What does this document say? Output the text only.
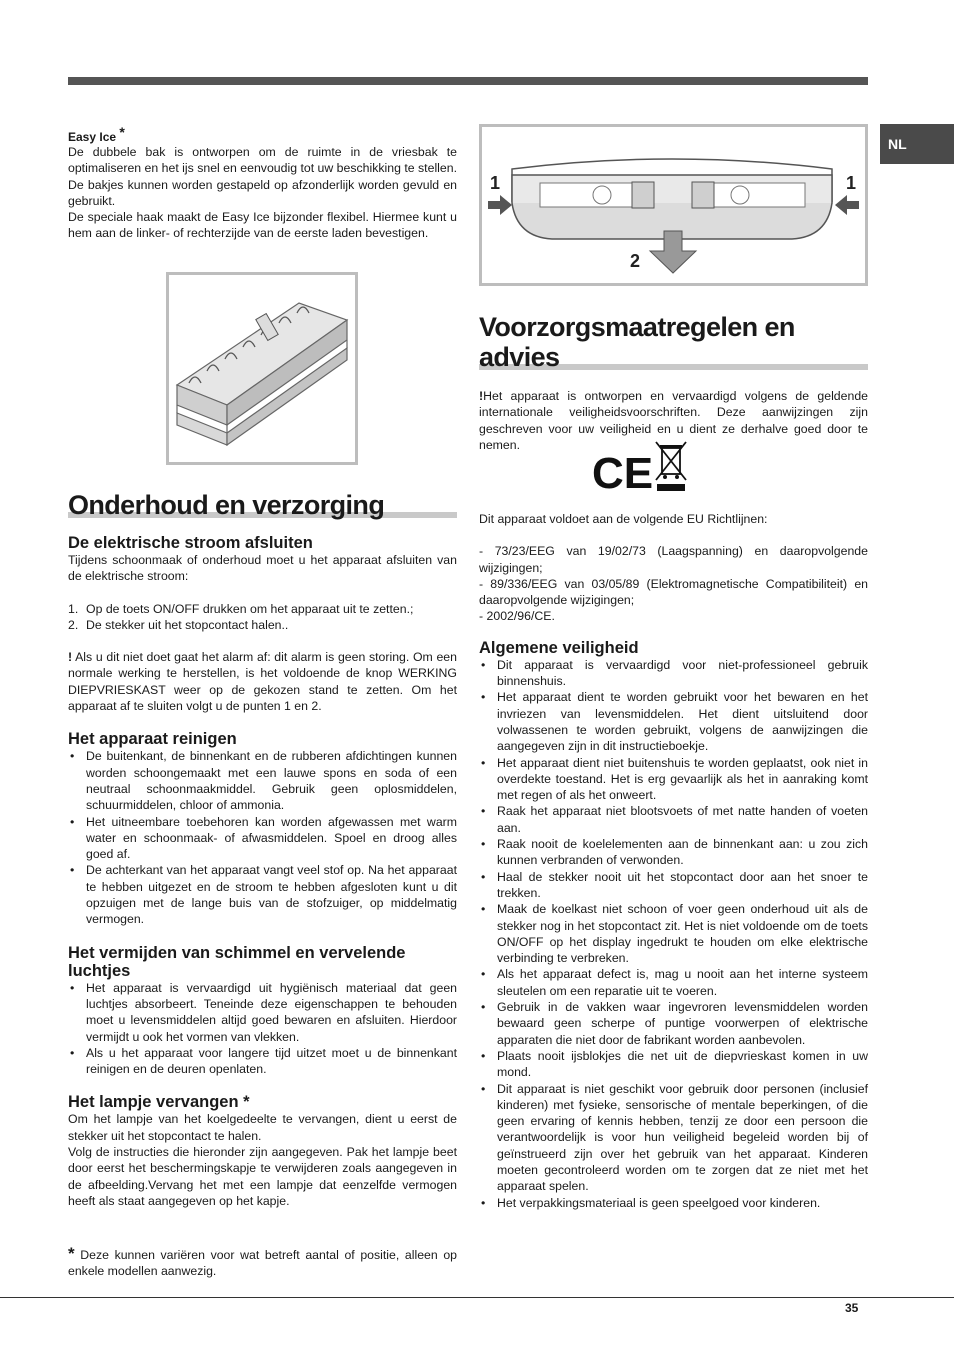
NL

Easy Ice *

De dubbele bak is ontworpen om de ruimte in de vriesbak te optimaliseren en het ijs snel en eenvoudig tot uw beschikking te stellen. De bakjes kunnen worden gestapeld op afzonderlijk worden gevuld en gebruikt.

De speciale haak maakt de Easy Ice bijzonder flexibel. Hiermee kunt u hem aan de linker- of rechterzijde van de eerste laden bevestigen.

Onderhoud en verzorging
De elektrische stroom afsluiten

Tijdens schoonmaak of onderhoud moet u het apparaat afsluiten van de elektrische stroom:

1. Op de toets ON/OFF drukken om het apparaat uit te zetten.;
2. De stekker uit het stopcontact halen..

! Als u dit niet doet gaat het alarm af: dit alarm is geen storing. Om een normale werking te herstellen, is het voldoende de knop WERKING DIEPVRIESKAST weer op de gekozen stand te zetten. Om het apparaat af te sluiten volgt u de punten 1 en 2.

Het apparaat reinigen
• De buitenkant, de binnenkant en de rubberen afdichtingen kunnen worden schoongemaakt met een lauwe spons en soda of een neutraal schoonmaakmiddel. Gebruik geen oplosmiddelen, schuurmiddelen, chloor of ammonia.
• Het uitneembare toebehoren kan worden afgewassen met warm water en schoonmaak- of afwasmiddelen. Spoel en droog alles goed af.
• De achterkant van het apparaat vangt veel stof op. Na het apparaat te hebben uitgezet en de stroom te hebben afgesloten kunt u dit opzuigen met de lange buis van de stofzuiger, op middelmatig vermogen.
Het vermijden van schimmel en vervelende luchtjes
• Het apparaat is vervaardigd uit hygiënisch materiaal dat geen luchtjes absorbeert. Teneinde deze eigenschappen te behouden moet u levensmiddelen altijd goed bewaren en afsluiten. Hierdoor vermijdt u ook het vormen van vlekken.
• Als u het apparaat voor langere tijd uitzet moet u de binnenkant reinigen en de deuren openlaten.
Het lampje vervangen *

Om het lampje van het koelgedeelte te vervangen, dient u eerst de stekker uit het stopcontact te halen.

Volg de instructies die hieronder zijn aangegeven. Pak het lampje beet door eerst het beschermingskapje te verwijderen zoals aangegeven in de afbeelding.Vervang het met een lampje dat eenzelfde vermogen heeft als staat aangegeven op het kapje.

* Deze kunnen variëren voor wat betreft aantal of positie, alleen op enkele modellen aanwezig.

1	1
2
Voorzorgsmaatregelen en advies

!Het apparaat is ontworpen en vervaardigd volgens de geldende internationale veiligheidsvoorschriften. Deze aanwijzingen zijn geschreven voor uw veiligheid en u dient ze derhalve goed door te nemen.

CE

Dit apparaat voldoet aan de volgende EU Richtlijnen:

- 73/23/EEG van 19/02/73 (Laagspanning) en daaropvolgende wijzigingen;

- 89/336/EEG van 03/05/89 (Elektromagnetische Compatibiliteit) en daaropvolgende wijzigingen;

- 2002/96/CE.

Algemene veiligheid
• Dit apparaat is vervaardigd voor niet-professioneel gebruik binnenshuis.
• Het apparaat dient te worden gebruikt voor het bewaren en het invriezen van levensmiddelen. Het dient uitsluitend door volwassenen te worden gebruikt, volgens de aanwijzingen die aangegeven zijn in dit instructieboekje.
• Het apparaat dient niet buitenshuis te worden geplaatst, ook niet in overdekte toestand. Het is erg gevaarlijk als het in aanraking komt met regen of als het onweert.
• Raak het apparaat niet blootsvoets of met natte handen of voeten aan.
• Raak nooit de koelelementen aan de binnenkant aan: u zou zich kunnen verbranden of verwonden.
• Haal de stekker nooit uit het stopcontact door aan het snoer te trekken.
• Maak de koelkast niet schoon of voer geen onderhoud uit als de stekker nog in het stopcontact zit. Het is niet voldoende om de toets ON/OFF op het display ingedrukt te houden om elke elektrische verbinding te verbreken.
• Als het apparaat defect is, mag u nooit aan het interne systeem sleutelen om een reparatie uit te voeren.
• Gebruik in de vakken waar ingevroren levensmiddelen worden bewaard geen scherpe of puntige voorwerpen of elektrische apparaten die niet door de fabrikant worden aanbevolen.
• Plaats nooit ijsblokjes die net uit de diepvrieskast komen in uw mond.
• Dit apparaat is niet geschikt voor gebruik door personen (inclusief kinderen) met fysieke, sensorische of mentale beperkingen, of die geen ervaring of kennis hebben, tenzij ze door een persoon die verantwoordelijk is voor hun veiligheid begeleid worden bij of geïnstrueerd zijn over het gebruik van het apparaat. Kinderen moeten gecontroleerd worden om te zorgen dat ze niet met het apparaat spelen.
• Het verpakkingsmateriaal is geen speelgoed voor kinderen.
35
